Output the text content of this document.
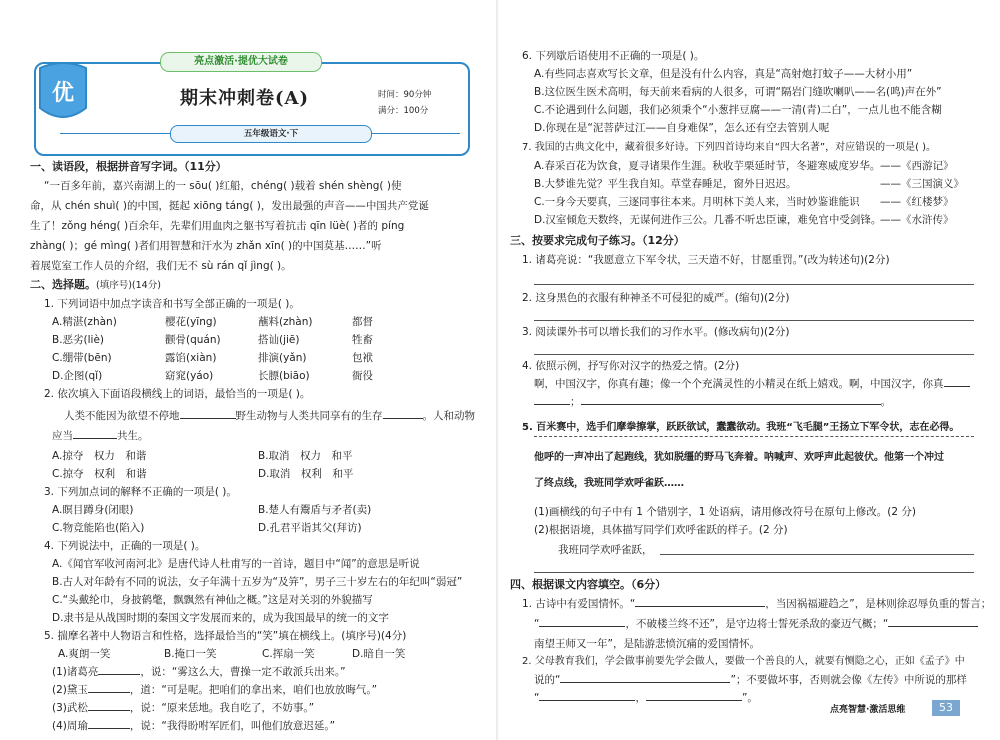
亮点激活·提优大试卷
优	期末冲刺卷(A)	时间：90分钟
满分：100分
五年级语文·下
一、读语段，根据拼音写字词。（11分）
“一百多年前，嘉兴南湖上的一 sōu( )红船，chéng( )载着 shén shèng( )使
命，从 chén shuì( )的中国，挺起 xiōng táng( )，发出最强的声音——中国共产党诞
生了！zǒng héng( )百余年，先辈们用血肉之躯书写着抗击 qīn lüè( )者的 píng
zhàng( )；gé mìng( )者们用智慧和汗水为 zhǎn xīn( )的中国莫基……”听
着展览室工作人员的介绍，我们无不 sù rán qǐ jìng( )。
二、选择题。(填序号)(14分)
1. 下列词语中加点字读音和书写全部正确的一项是( )。
A.精湛(zhàn)	樱花(yīng)	蘸料(zhàn)	都督
B.恶劣(liè)	颧骨(quán)	搭讪(jiē)	牲畜
C.绷带(bēn)	露馅(xiàn)	排演(yǎn)	包袱
D.企图(qǐ)	窈窕(yáo)	长膘(biāo)	衙役
2. 依次填入下面语段横线上的词语，最恰当的一项是( )。
人类不能因为欲望不停地	野生动物与人类共同享有的生存	。人和动物
应当	共生。
A.掠夺　权力　和谐	B.取消　权力　和平
C.掠夺　权利　和谐	D.取消　权利　和平
3. 下列加点词的解释不正确的一项是( )。
A.瞑目蹲身(闭眼)	B.楚人有鬻盾与矛者(卖)
C.物竞能陷也(陷入)	D.孔君平诣其父(拜访)
4. 下列说法中，正确的一项是( )。
A.《闻官军收河南河北》是唐代诗人杜甫写的一首诗，题目中“闻”的意思是听说
B.古人对年龄有不同的说法，女子年满十五岁为“及笄”，男子三十岁左右的年纪叫“弱冠”
C.“头戴纶巾，身披鹤氅，飘飘然有神仙之概。”这是对关羽的外貌描写
D.隶书是从战国时期的秦国文字发展而来的，成为我国最早的统一的文字
5. 揣摩名著中人物语言和性格，选择最恰当的“笑”填在横线上。(填序号)(4分)
A.爽朗一笑	B.掩口一笑	C.挥扇一笑	D.暗自一笑
(1)诸葛亮	，说：“雾这么大，曹操一定不敢派兵出来。”
(2)黛玉	，道：“可是呢。把咱们的拿出来，咱们也放放晦气。”
(3)武松	，说：“原来恁地。我自吃了，不妨事。”
(4)周瑜	，说：“我得盼咐军匠们，叫他们放意迟延。”
6. 下列歇后语使用不正确的一项是( )。
A.有些同志喜欢写长文章，但是没有什么内容，真是“高射炮打蚊子——大材小用”
B.这位医生医术高明，每天前来看病的人很多，可谓“隔岩门缝吹喇叭——名(鸣)声在外”
C.不论遇到什么问题，我们必须秉个“小葱拌豆腐——一清(青)二白”，一点儿也不能含糊
D.你现在是“泥菩萨过江——自身难保”，怎么还有空去管别人呢
7. 我国的古典文化中，藏着很多好诗。下列四首诗均来自“四大名著”，对应错误的一项是( )。
A.春采百花为饮食，夏寻诸果作生涯。秋收芋栗延时节，冬避寒威度岁华。 ——《西游记》
B.大梦谁先觉？平生我自知。草堂春睡足，窗外日迟迟。	——《三国演义》
C.一身今天要真，三逐同事往本来。月明林下美人来，当时妙鉴谁能识 ——《红楼梦》
D.汉室倾危天数终，无谋何进作三公。几番不听忠臣谏，难免官中受剑锋。
——《水浒传》
三、按要求完成句子练习。（12分）
1. 诸葛亮说：“我愿意立下军令状，三天造不好，甘愿重罚。”(改为转述句)(2分)
2. 这身黑色的衣服有种神圣不可侵犯的威严。(缩句)(2分)
3. 阅读课外书可以增长我们的习作水平。(修改病句)(2分)
4. 依照示例，抒写你对汉字的热爱之情。(2分)
啊，中国汉字，你真有趣；像一个个充满灵性的小精灵在纸上嬉戏。啊，中国汉字，你真
；	。
5. 百米赛中，选手们摩拳擦掌，跃跃欲试，蠢蠢欲动。我班“飞毛腿”王扬立下军令状，志在必得。
他呼的一声冲出了起跑线，犹如脱缰的野马飞奔着。呐喊声、欢呼声此起彼伏。他第一个冲过
了终点线，我班同学欢呼雀跃……
(1)画横线的句子中有 1 个错别字，1 处语病，请用修改符号在原句上修改。(2 分)
(2)根据语境，具体描写同学们欢呼雀跃的样子。(2 分)
我班同学欢呼雀跃，
四、根据课文内容填空。（6分）
1. 古诗中有爱国情怀。“	，当因祸福避趋之”，是林则徐忍辱负重的誓言；
“	，不破楼兰终不还”，是守边将士誓死杀敌的豪迈气概；“
南望王师又一年”，是陆游悲愤沉痛的爱国情怀。
2. 父母教育我们，学会做事前要先学会做人，要做一个善良的人，就要有恻隐之心，正如《孟子》中
说的“	”；不要做坏事，否则就会像《左传》中所说的那样
“	，	”。
点亮智慧·激活思维	53
